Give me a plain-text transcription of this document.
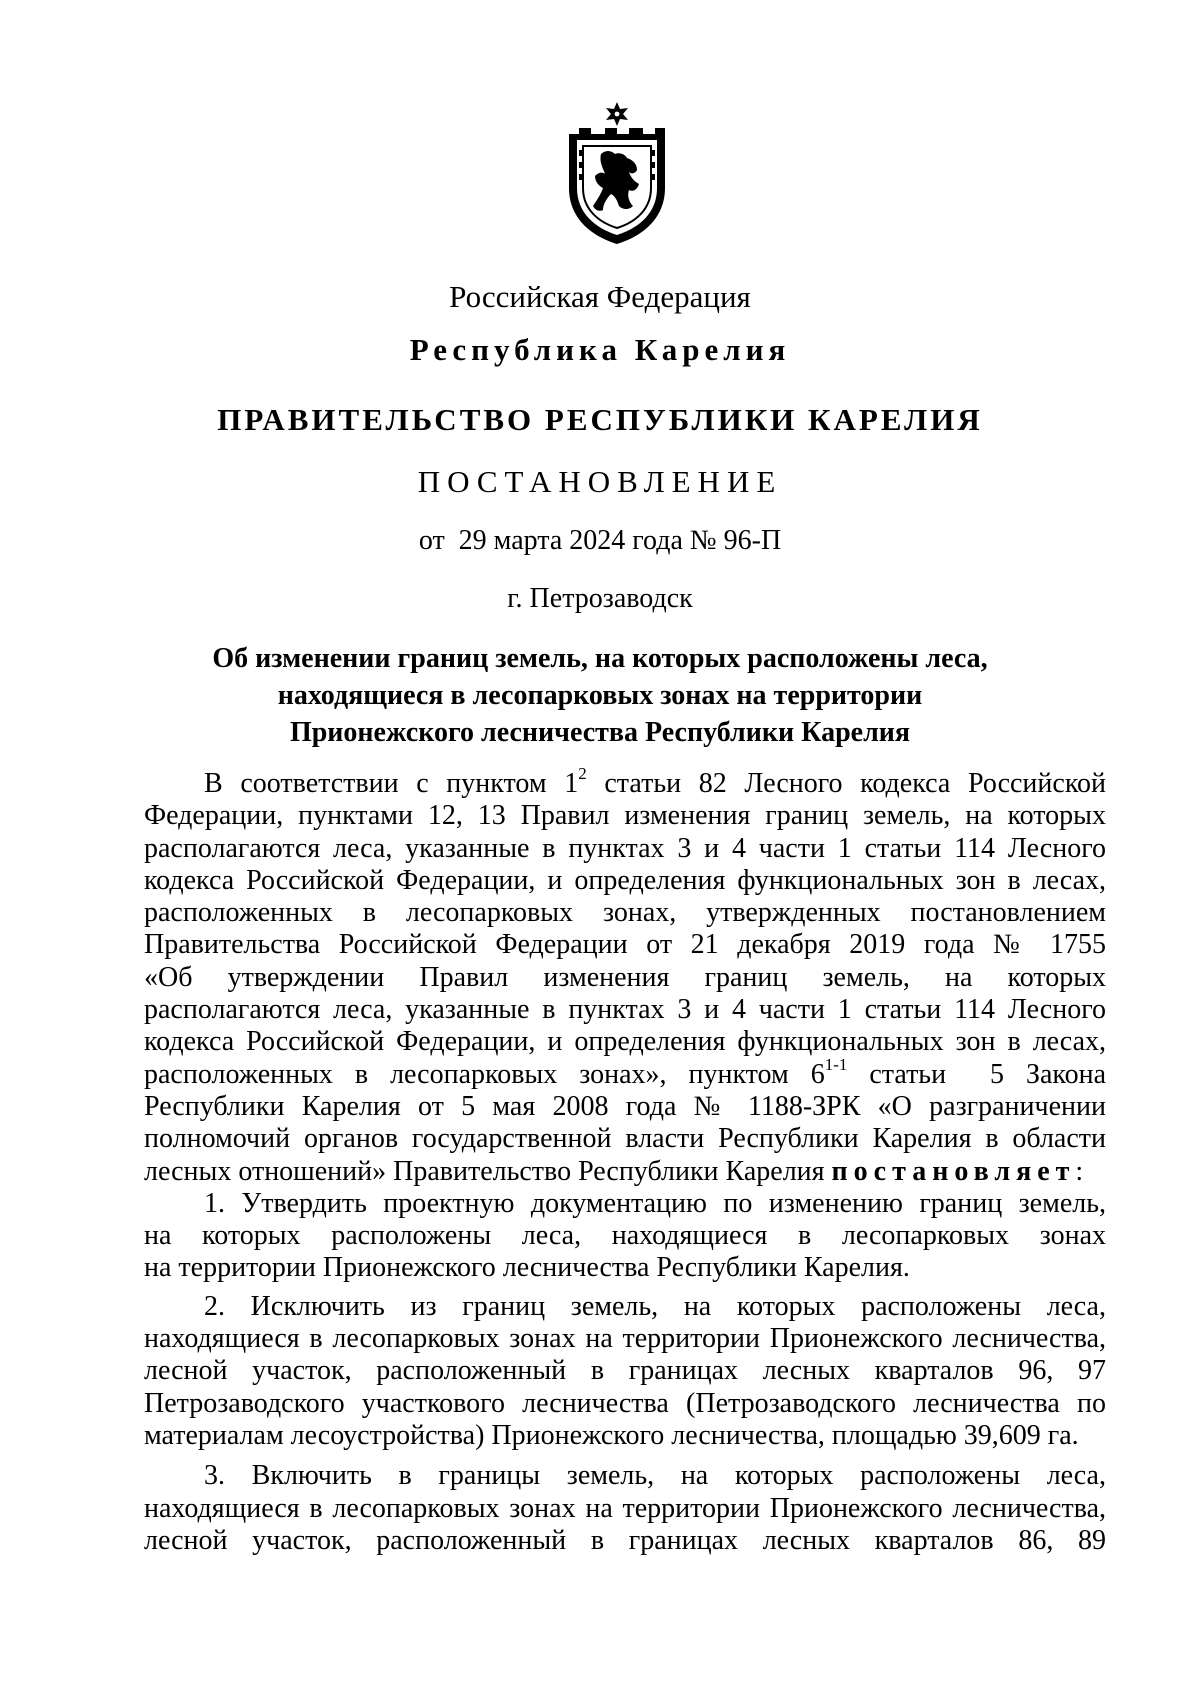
Российская Федерация
Республика Карелия
ПРАВИТЕЛЬСТВО РЕСПУБЛИКИ КАРЕЛИЯ
ПОСТАНОВЛЕНИЕ
от  29 марта 2024 года № 96-П
г. Петрозаводск
Об изменении границ земель, на которых расположены леса,
находящиеся в лесопарковых зонах на территории
Прионежского лесничества Республики Карелия
В соответствии с пунктом $1^2$ статьи 82 Лесного кодекса Российской
Федерации, пунктами 12, 13 Правил изменения границ земель, на которых
располагаются леса, указанные в пунктах 3 и 4 части 1 статьи 114 Лесного
кодекса Российской Федерации, и определения функциональных зон в лесах,
расположенных в лесопарковых зонах, утвержденных постановлением
Правительства Российской Федерации от 21 декабря 2019 года № 1755
«Об утверждении Правил изменения границ земель, на которых
располагаются леса, указанные в пунктах 3 и 4 части 1 статьи 114 Лесного
кодекса Российской Федерации, и определения функциональных зон в лесах,
расположенных в лесопарковых зонах», пунктом 6$^{1-1}$ статьи  5 Закона
Республики Карелия от 5 мая 2008 года № 1188-ЗРК «О разграничении
полномочий органов государственной власти Республики Карелия в области
лесных отношений» Правительство Республики Карелия постановляет:
1. Утвердить проектную документацию по изменению границ земель,
на которых расположены леса, находящиеся в лесопарковых зонах
на территории Прионежского лесничества Республики Карелия.
2. Исключить из границ земель, на которых расположены леса,
находящиеся в лесопарковых зонах на территории Прионежского лесничества,
лесной участок, расположенный в границах лесных кварталов 96, 97
Петрозаводского участкового лесничества (Петрозаводского лесничества по
материалам лесоустройства) Прионежского лесничества, площадью 39,609 га.
3. Включить в границы земель, на которых расположены леса,
находящиеся в лесопарковых зонах на территории Прионежского лесничества,
лесной участок, расположенный в границах лесных кварталов 86, 89
